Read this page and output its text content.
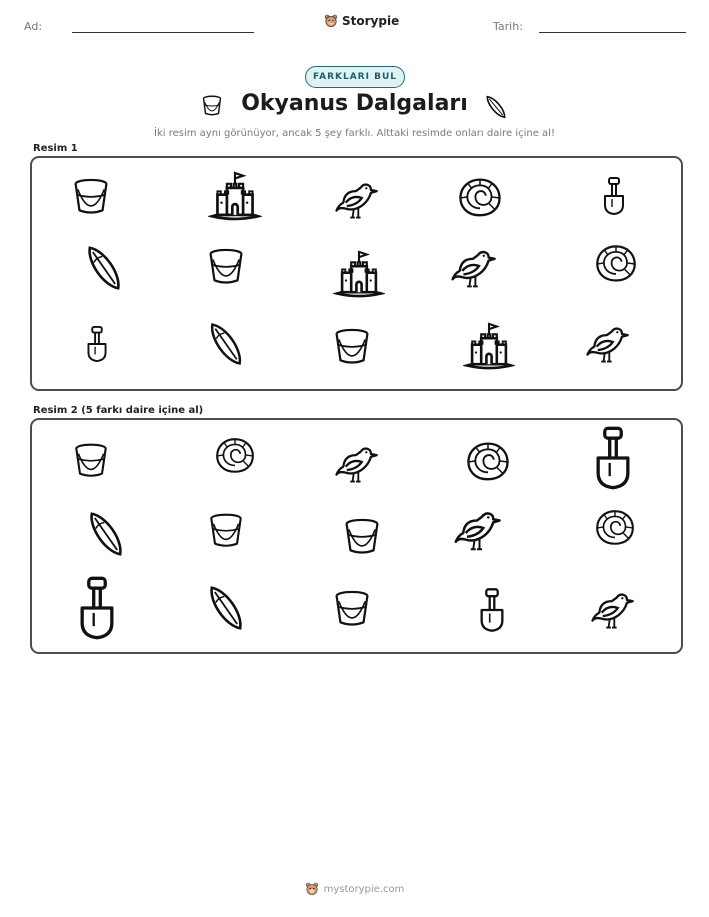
Ad:	Storypie	Tarih:
FARKLARI BUL
Okyanus Dalgaları
İki resim aynı görünüyor, ancak 5 şey farklı. Alttaki resimde onları daire içine al!
Resim 1
Resim 2 (5 farkı daire içine al)
mystorypie.com
